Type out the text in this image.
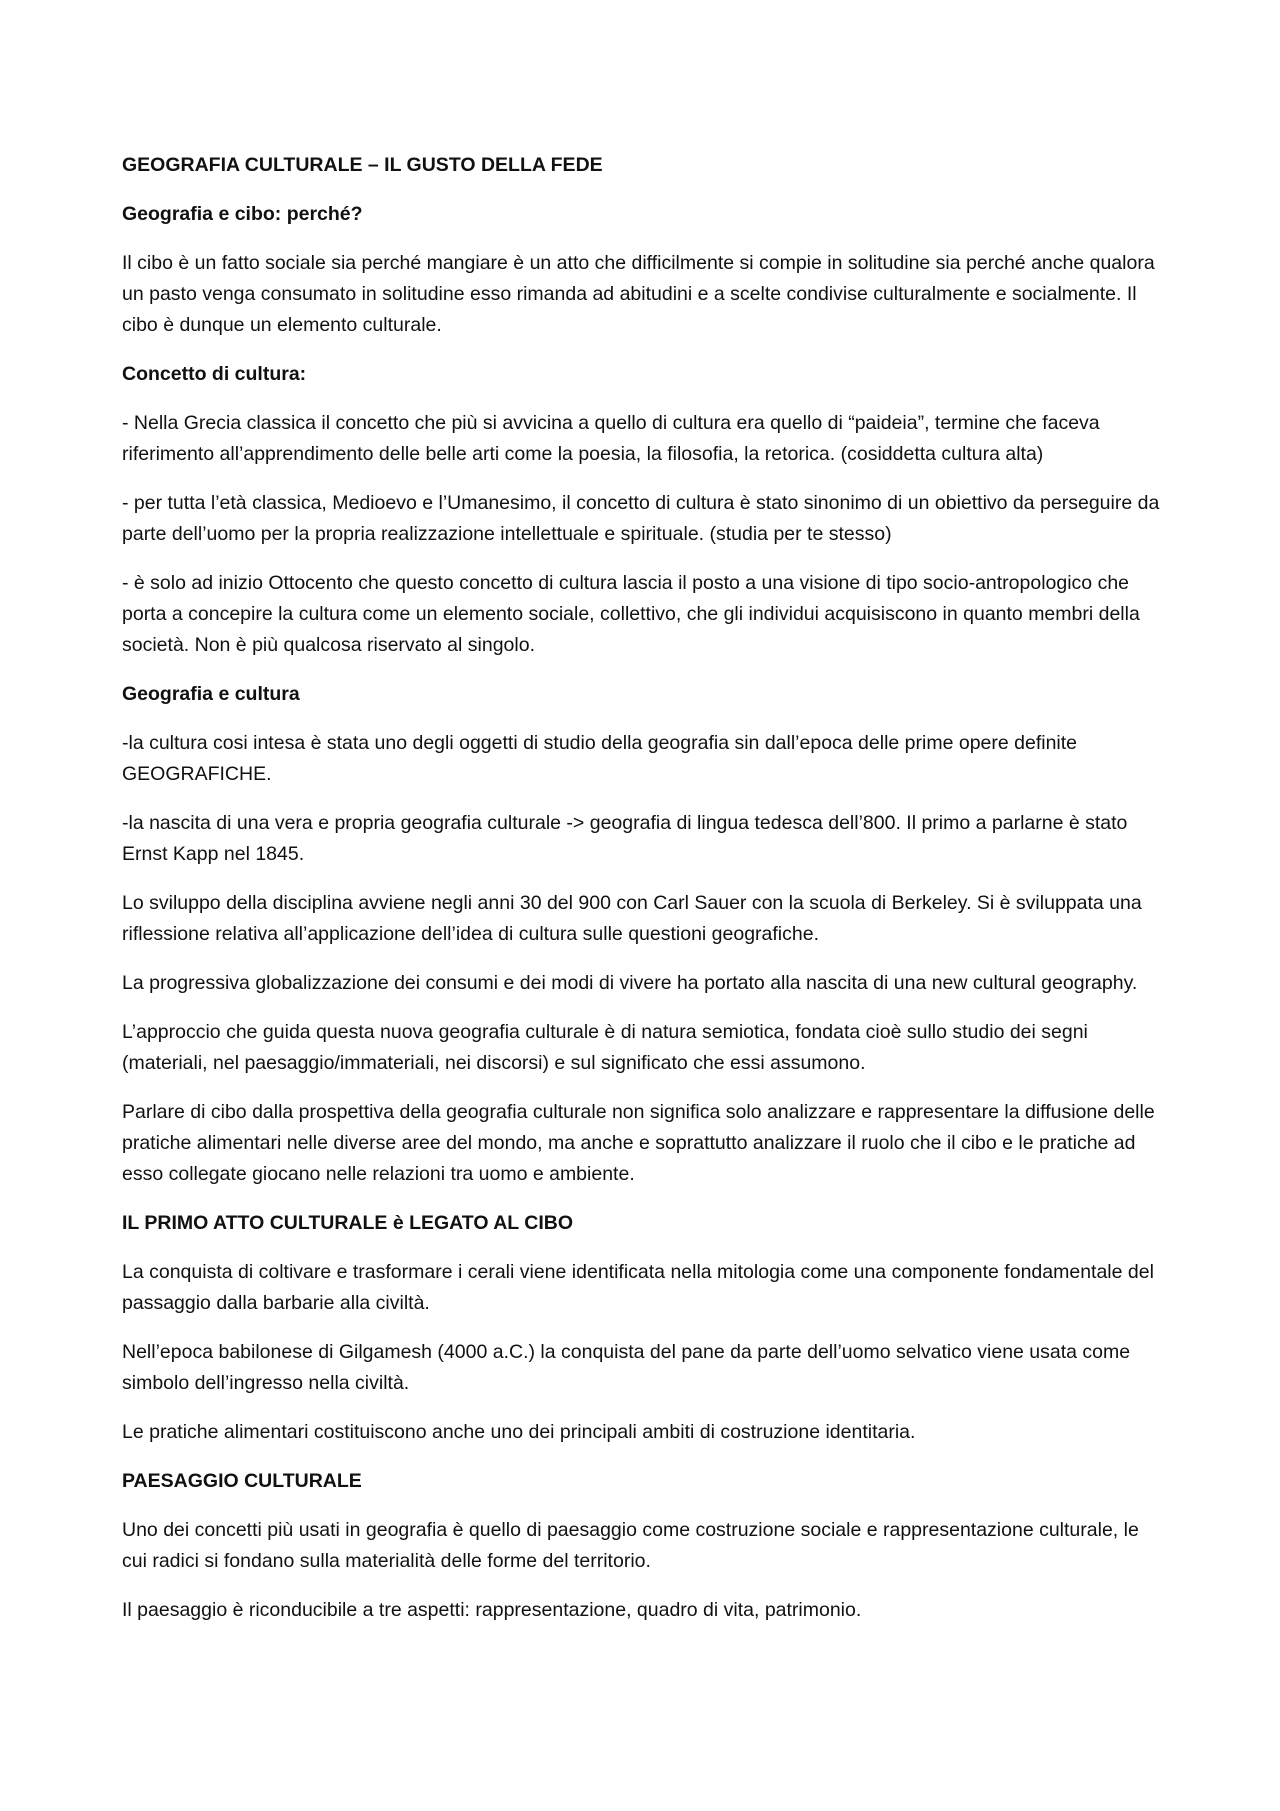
GEOGRAFIA CULTURALE – IL GUSTO DELLA FEDE

Geografia e cibo: perché?

Il cibo è un fatto sociale sia perché mangiare è un atto che difficilmente si compie in solitudine sia perché anche qualora un pasto venga consumato in solitudine esso rimanda ad abitudini e a scelte condivise culturalmente e socialmente. Il cibo è dunque un elemento culturale.

Concetto di cultura:

- Nella Grecia classica il concetto che più si avvicina a quello di cultura era quello di “paideia”, termine che faceva riferimento all’apprendimento delle belle arti come la poesia, la filosofia, la retorica. (cosiddetta cultura alta)

- per tutta l’età classica, Medioevo e l’Umanesimo, il concetto di cultura è stato sinonimo di un obiettivo da perseguire da parte dell’uomo per la propria realizzazione intellettuale e spirituale. (studia per te stesso)

- è solo ad inizio Ottocento che questo concetto di cultura lascia il posto a una visione di tipo socio-antropologico che porta a concepire la cultura come un elemento sociale, collettivo, che gli individui acquisiscono in quanto membri della società. Non è più qualcosa riservato al singolo.

Geografia e cultura

-la cultura cosi intesa è stata uno degli oggetti di studio della geografia sin dall’epoca delle prime opere definite GEOGRAFICHE.

-la nascita di una vera e propria geografia culturale -> geografia di lingua tedesca dell’800. Il primo a parlarne è stato Ernst Kapp nel 1845.

Lo sviluppo della disciplina avviene negli anni 30 del 900 con Carl Sauer con la scuola di Berkeley. Si è sviluppata una riflessione relativa all’applicazione dell’idea di cultura sulle questioni geografiche.

La progressiva globalizzazione dei consumi e dei modi di vivere ha portato alla nascita di una new cultural geography.

L’approccio che guida questa nuova geografia culturale è di natura semiotica, fondata cioè sullo studio dei segni (materiali, nel paesaggio/immateriali, nei discorsi) e sul significato che essi assumono.

Parlare di cibo dalla prospettiva della geografia culturale non significa solo analizzare e rappresentare la diffusione delle pratiche alimentari nelle diverse aree del mondo, ma anche e soprattutto analizzare il ruolo che il cibo e le pratiche ad esso collegate giocano nelle relazioni tra uomo e ambiente.

IL PRIMO ATTO CULTURALE è LEGATO AL CIBO

La conquista di coltivare e trasformare i cerali viene identificata nella mitologia come una componente fondamentale del passaggio dalla barbarie alla civiltà.

Nell’epoca babilonese di Gilgamesh (4000 a.C.) la conquista del pane da parte dell’uomo selvatico viene usata come simbolo dell’ingresso nella civiltà.

Le pratiche alimentari costituiscono anche uno dei principali ambiti di costruzione identitaria.

PAESAGGIO CULTURALE

Uno dei concetti più usati in geografia è quello di paesaggio come costruzione sociale e rappresentazione culturale, le cui radici si fondano sulla materialità delle forme del territorio.

Il paesaggio è riconducibile a tre aspetti: rappresentazione, quadro di vita, patrimonio.
